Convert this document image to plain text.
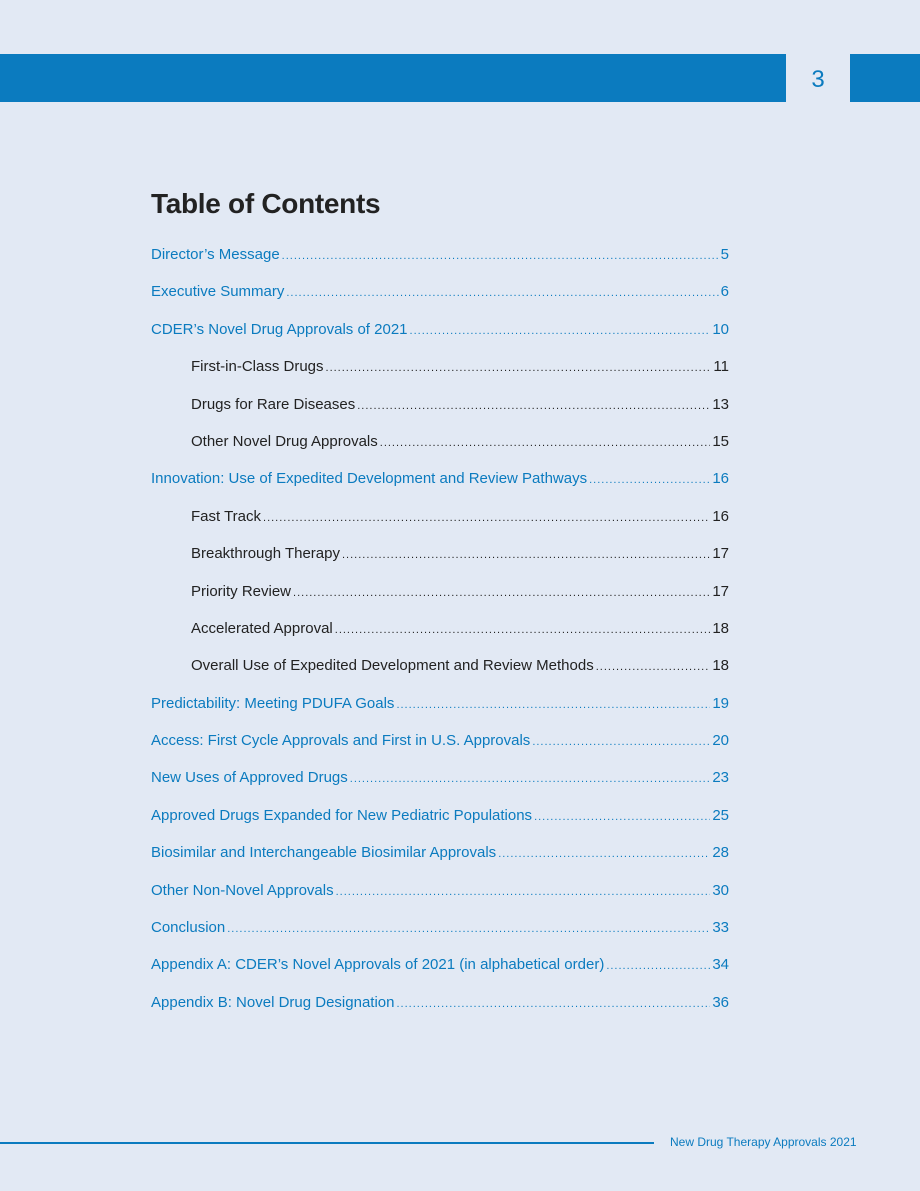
3
Table of Contents
Director’s Message .....	5
Executive Summary .....	6
CDER’s Novel Drug Approvals of 2021 .....	10
First-in-Class Drugs .....	11
Drugs for Rare Diseases .....	13
Other Novel Drug Approvals .....	15
Innovation: Use of Expedited Development and Review Pathways .....	16
Fast Track .....	16
Breakthrough Therapy .....	17
Priority Review .....	17
Accelerated Approval .....	18
Overall Use of Expedited Development and Review Methods .....	18
Predictability: Meeting PDUFA Goals .....	19
Access: First Cycle Approvals and First in U.S. Approvals .....	20
New Uses of Approved Drugs .....	23
Approved Drugs Expanded for New Pediatric Populations .....	25
Biosimilar and Interchangeable Biosimilar Approvals .....	28
Other Non-Novel Approvals .....	30
Conclusion .....	33
Appendix A: CDER’s Novel Approvals of 2021 (in alphabetical order) .....	34
Appendix B: Novel Drug Designation .....	36
New Drug Therapy Approvals 2021
